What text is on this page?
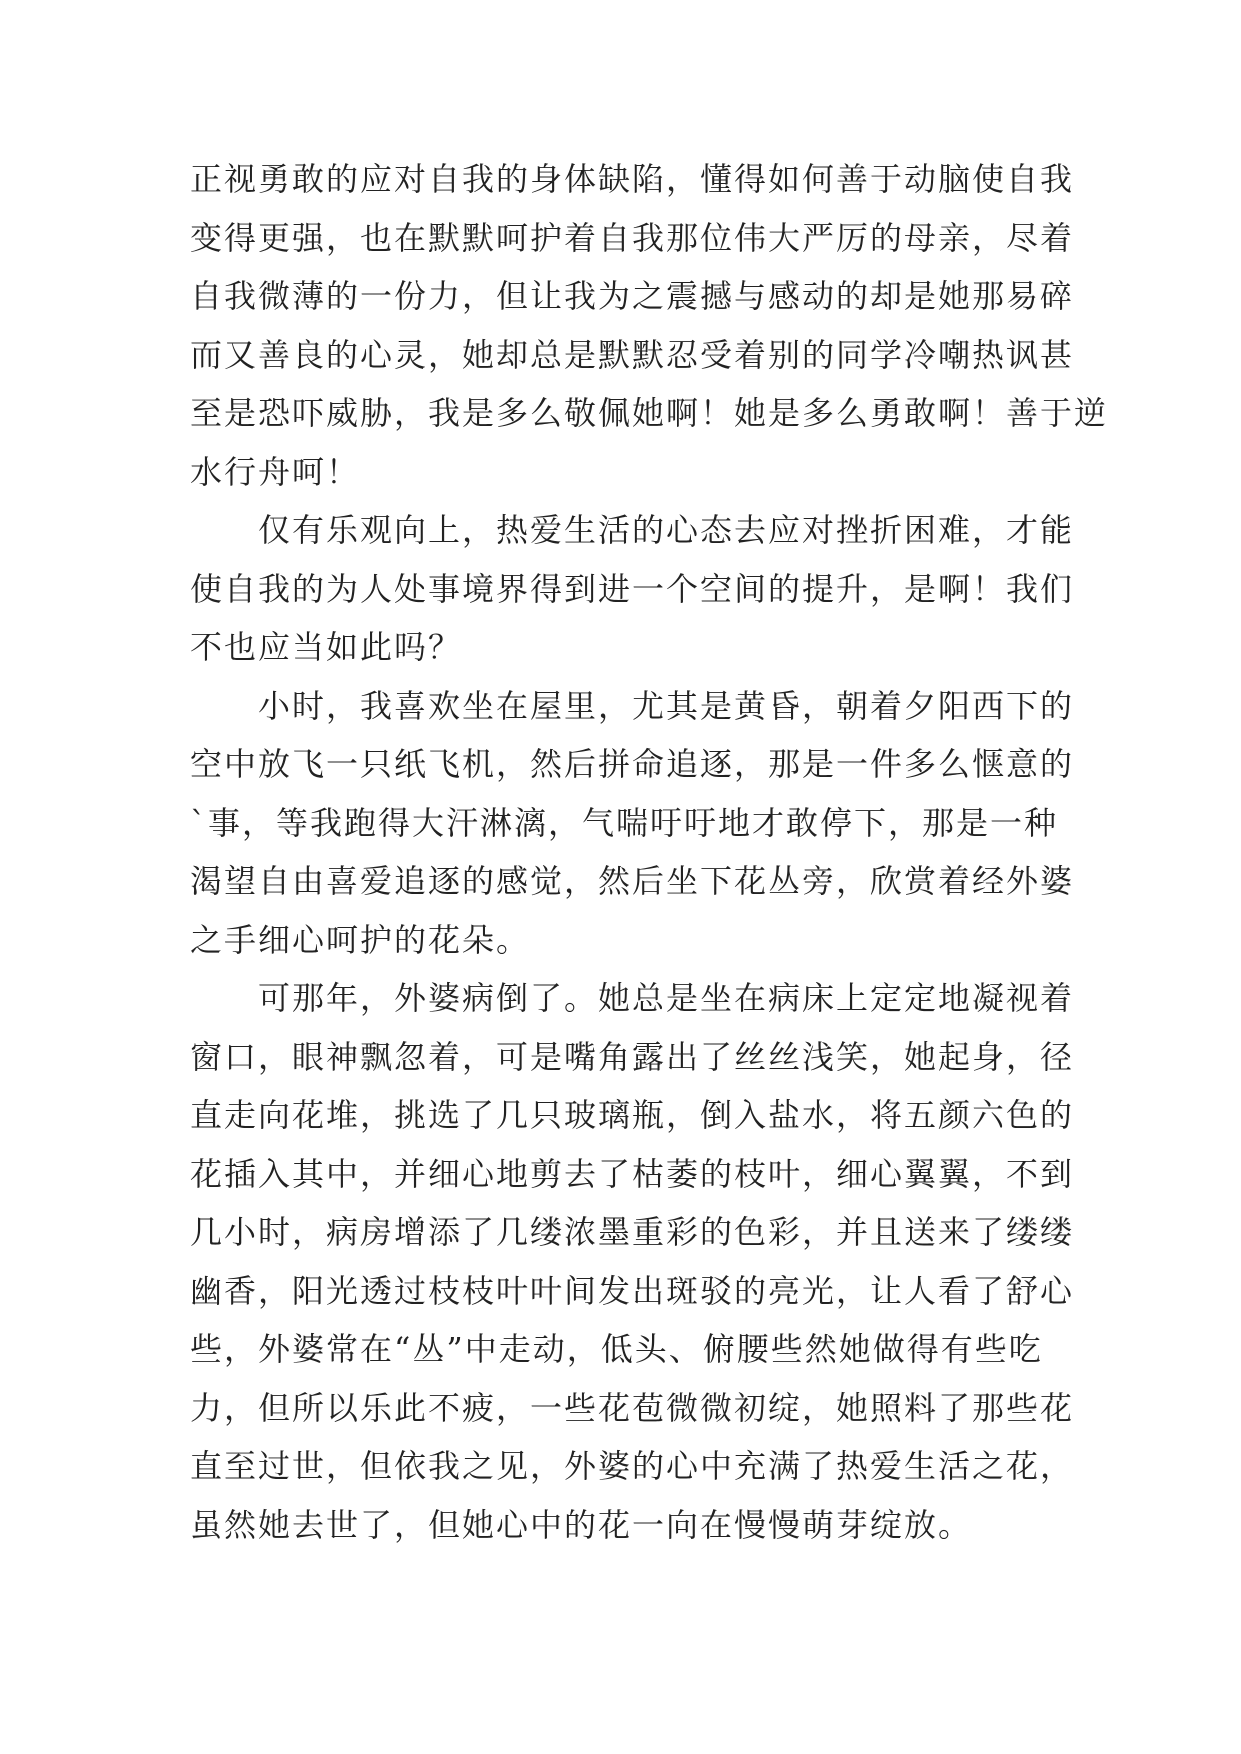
正视勇敢的应对自我的身体缺陷，懂得如何善于动脑使自我
变得更强，也在默默呵护着自我那位伟大严厉的母亲，尽着
自我微薄的一份力，但让我为之震撼与感动的却是她那易碎
而又善良的心灵，她却总是默默忍受着别的同学冷嘲热讽甚
至是恐吓威胁，我是多么敬佩她啊！她是多么勇敢啊！善于逆
水行舟呵！
　　仅有乐观向上，热爱生活的心态去应对挫折困难，才能
使自我的为人处事境界得到进一个空间的提升，是啊！我们
不也应当如此吗？
　　小时，我喜欢坐在屋里，尤其是黄昏，朝着夕阳西下的
空中放飞一只纸飞机，然后拼命追逐，那是一件多么惬意的
`事，等我跑得大汗淋漓，气喘吁吁地才敢停下，那是一种
渴望自由喜爱追逐的感觉，然后坐下花丛旁，欣赏着经外婆
之手细心呵护的花朵。
　　可那年，外婆病倒了。她总是坐在病床上定定地凝视着
窗口，眼神飘忽着，可是嘴角露出了丝丝浅笑，她起身，径
直走向花堆，挑选了几只玻璃瓶，倒入盐水，将五颜六色的
花插入其中，并细心地剪去了枯萎的枝叶，细心翼翼，不到
几小时，病房增添了几缕浓墨重彩的色彩，并且送来了缕缕
幽香，阳光透过枝枝叶叶间发出斑驳的亮光，让人看了舒心
些，外婆常在“丛”中走动，低头、俯腰些然她做得有些吃
力，但所以乐此不疲，一些花苞微微初绽，她照料了那些花
直至过世，但依我之见，外婆的心中充满了热爱生活之花，
虽然她去世了，但她心中的花一向在慢慢萌芽绽放。
